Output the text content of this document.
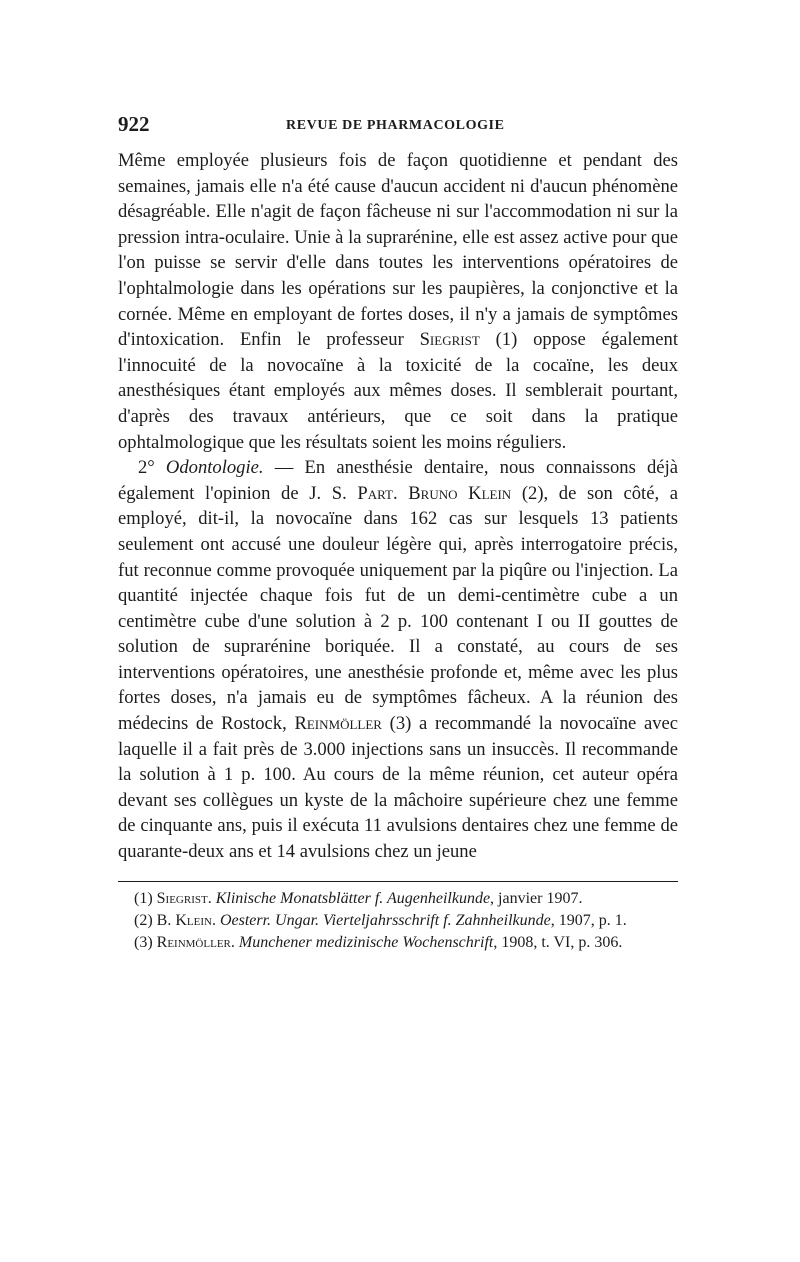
922	REVUE DE PHARMACOLOGIE

Même employée plusieurs fois de façon quotidienne et pendant des semaines, jamais elle n'a été cause d'aucun accident ni d'aucun phénomène désagréable. Elle n'agit de façon fâcheuse ni sur l'accommodation ni sur la pression intra-oculaire. Unie à la suprarénine, elle est assez active pour que l'on puisse se servir d'elle dans toutes les interventions opératoires de l'ophtalmologie dans les opérations sur les paupières, la conjonctive et la cornée. Même en employant de fortes doses, il n'y a jamais de symptômes d'intoxication. Enfin le professeur Siegrist (1) oppose également l'innocuité de la novocaïne à la toxicité de la cocaïne, les deux anesthésiques étant employés aux mêmes doses. Il semblerait pourtant, d'après des travaux antérieurs, que ce soit dans la pratique ophtalmologique que les résultats soient les moins réguliers.

2° Odontologie. — En anesthésie dentaire, nous connaissons déjà également l'opinion de J. S. Part. Bruno Klein (2), de son côté, a employé, dit-il, la novocaïne dans 162 cas sur lesquels 13 patients seulement ont accusé une douleur légère qui, après interrogatoire précis, fut reconnue comme provoquée uniquement par la piqûre ou l'injection. La quantité injectée chaque fois fut de un demi-centimètre cube a un centimètre cube d'une solution à 2 p. 100 contenant I ou II gouttes de solution de suprarénine boriquée. Il a constaté, au cours de ses interventions opératoires, une anesthésie profonde et, même avec les plus fortes doses, n'a jamais eu de symptômes fâcheux. A la réunion des médecins de Rostock, Reinmöller (3) a recommandé la novocaïne avec laquelle il a fait près de 3.000 injections sans un insuccès. Il recommande la solution à 1 p. 100. Au cours de la même réunion, cet auteur opéra devant ses collègues un kyste de la mâchoire supérieure chez une femme de cinquante ans, puis il exécuta 11 avulsions dentaires chez une femme de quarante-deux ans et 14 avulsions chez un jeune

(1) Siegrist. Klinische Monatsblätter f. Augenheilkunde, janvier 1907.

(2) B. Klein. Oesterr. Ungar. Vierteljahrsschrift f. Zahnheilkunde, 1907, p. 1.

(3) Reinmöller. Munchener medizinische Wochenschrift, 1908, t. VI, p. 306.
